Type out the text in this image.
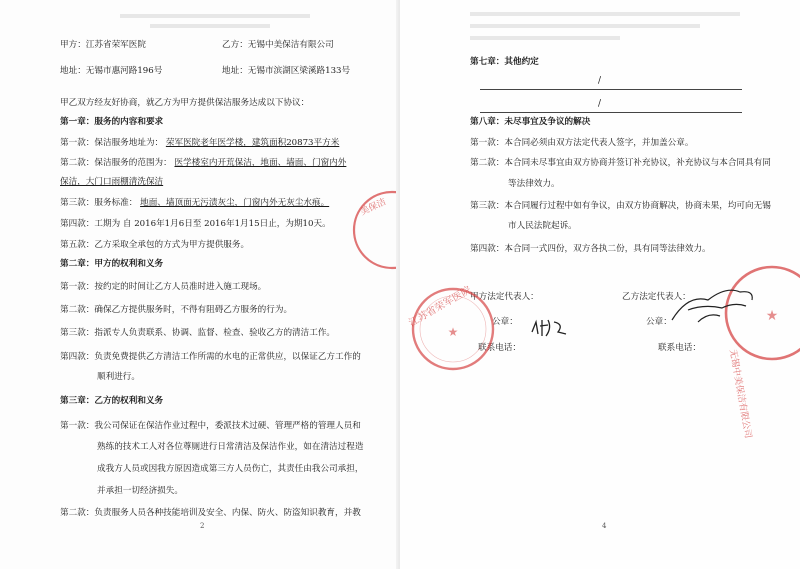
甲方：江苏省荣军医院	乙方：无锡中美保洁有限公司
地址：无锡市惠河路196号	地址：无锡市滨湖区梁溪路133号
甲乙双方经友好协商，就乙方为甲方提供保洁服务达成以下协议：
第一章：服务的内容和要求
第一款：保洁服务地址为： 荣军医院老年医学楼，建筑面积20873平方米
第二款：保洁服务的范围为： 医学楼室内开荒保洁，地面、墙面、门窗内外
保洁，大门口雨棚清洗保洁
第三款：服务标准： 地面、墙顶面无污渍灰尘，门窗内外无灰尘水痕。
第四款：工期为 自 2016年1月6日至 2016年1月15日止，为期10天。
第五款：乙方采取全承包的方式为甲方提供服务。
第二章：甲方的权利和义务
第一款：按约定的时间让乙方人员准时进入施工现场。
第二款：确保乙方提供服务时，不得有阻碍乙方服务的行为。
第三款：指派专人负责联系、协调、监督、检查、验收乙方的清洁工作。
第四款：负责免费提供乙方清洁工作所需的水电的正常供应，以保证乙方工作的
顺利进行。
第三章：乙方的权利和义务
第一款：我公司保证在保洁作业过程中，委派技术过硬、管理严格的管理人员和
熟练的技术工人对各位尊厕进行日常清洁及保洁作业，如在清洁过程造
成我方人员或因我方原因造成第三方人员伤亡，其责任由我公司承担，
并承担一切经济损失。
第二款：负责服务人员各种技能培训及安全、内保、防火、防盗知识教育，并教
2
美保洁
第七章：其他约定
/
/
第八章：未尽事宜及争议的解决
第一款：本合同必须由双方法定代表人签字，并加盖公章。
第二款：本合同未尽事宜由双方协商并签订补充协议，补充协议与本合同具有同
等法律效力。
第三款：本合同履行过程中如有争议，由双方协商解决，协商未果，均可向无锡
市人民法院起诉。
第四款：本合同一式四份，双方各执二份，具有同等法律效力。
甲方法定代表人：	乙方法定代表人：
公章：	公章：
联系电话：	联系电话：
4
江苏省荣军医院
★
无锡中美保洁有限公司
★
